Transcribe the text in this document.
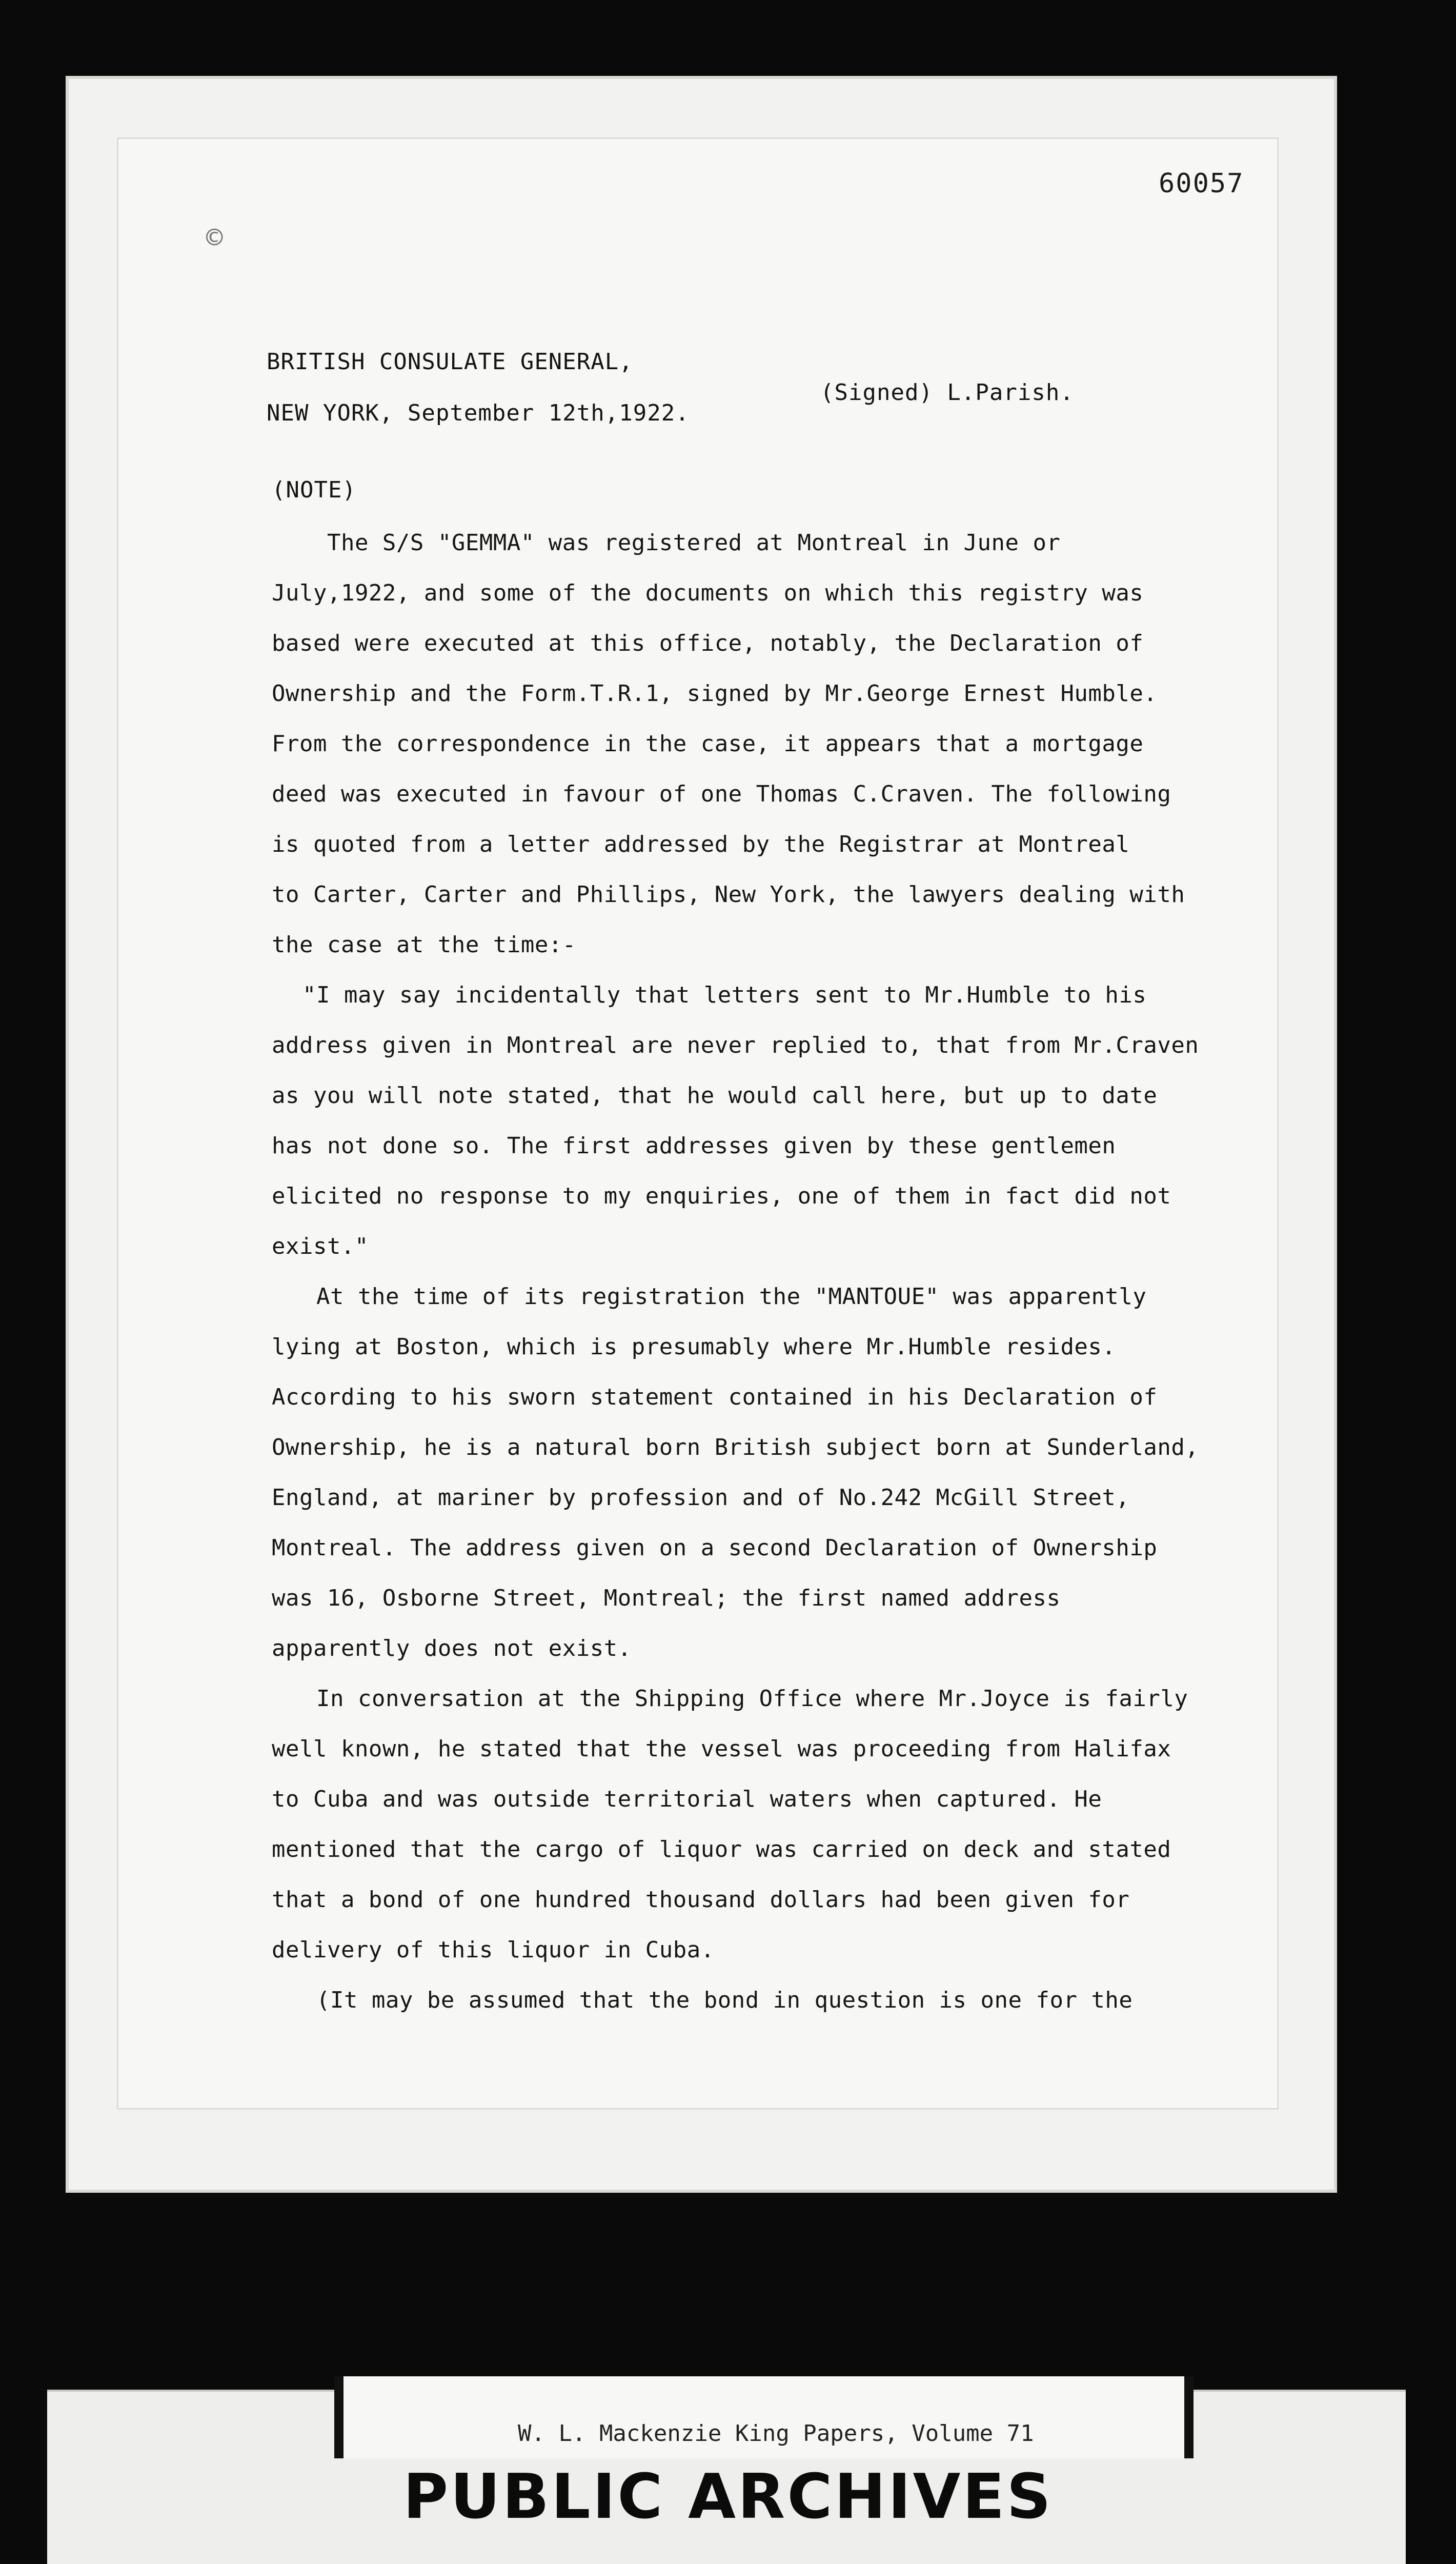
60057
©
BRITISH CONSULATE GENERAL,
NEW YORK, September 12th,1922.
(Signed) L.Parish.
(NOTE)

The S/S "GEMMA" was registered at Montreal in June or

July,1922, and some of the documents on which this registry was

based were executed at this office, notably, the Declaration of

Ownership and the Form.T.R.1, signed by Mr.George Ernest Humble.

From the correspondence in the case, it appears that a mortgage

deed was executed in favour of one Thomas C.Craven. The following

is quoted from a letter addressed by the Registrar at Montreal

to Carter, Carter and Phillips, New York, the lawyers dealing with

the case at the time:-

"I may say incidentally that letters sent to Mr.Humble to his

address given in Montreal are never replied to, that from Mr.Craven

as you will note stated, that he would call here, but up to date

has not done so. The first addresses given by these gentlemen

elicited no response to my enquiries, one of them in fact did not

exist."

At the time of its registration the "MANTOUE" was apparently

lying at Boston, which is presumably where Mr.Humble resides.

According to his sworn statement contained in his Declaration of

Ownership, he is a natural born British subject born at Sunderland,

England, at mariner by profession and of No.242 McGill Street,

Montreal. The address given on a second Declaration of Ownership

was 16, Osborne Street, Montreal; the first named address

apparently does not exist.

In conversation at the Shipping Office where Mr.Joyce is fairly

well known, he stated that the vessel was proceeding from Halifax

to Cuba and was outside territorial waters when captured. He

mentioned that the cargo of liquor was carried on deck and stated

that a bond of one hundred thousand dollars had been given for

delivery of this liquor in Cuba.

(It may be assumed that the bond in question is one for the

W. L. Mackenzie King Papers, Volume 71
PUBLIC ARCHIVES
